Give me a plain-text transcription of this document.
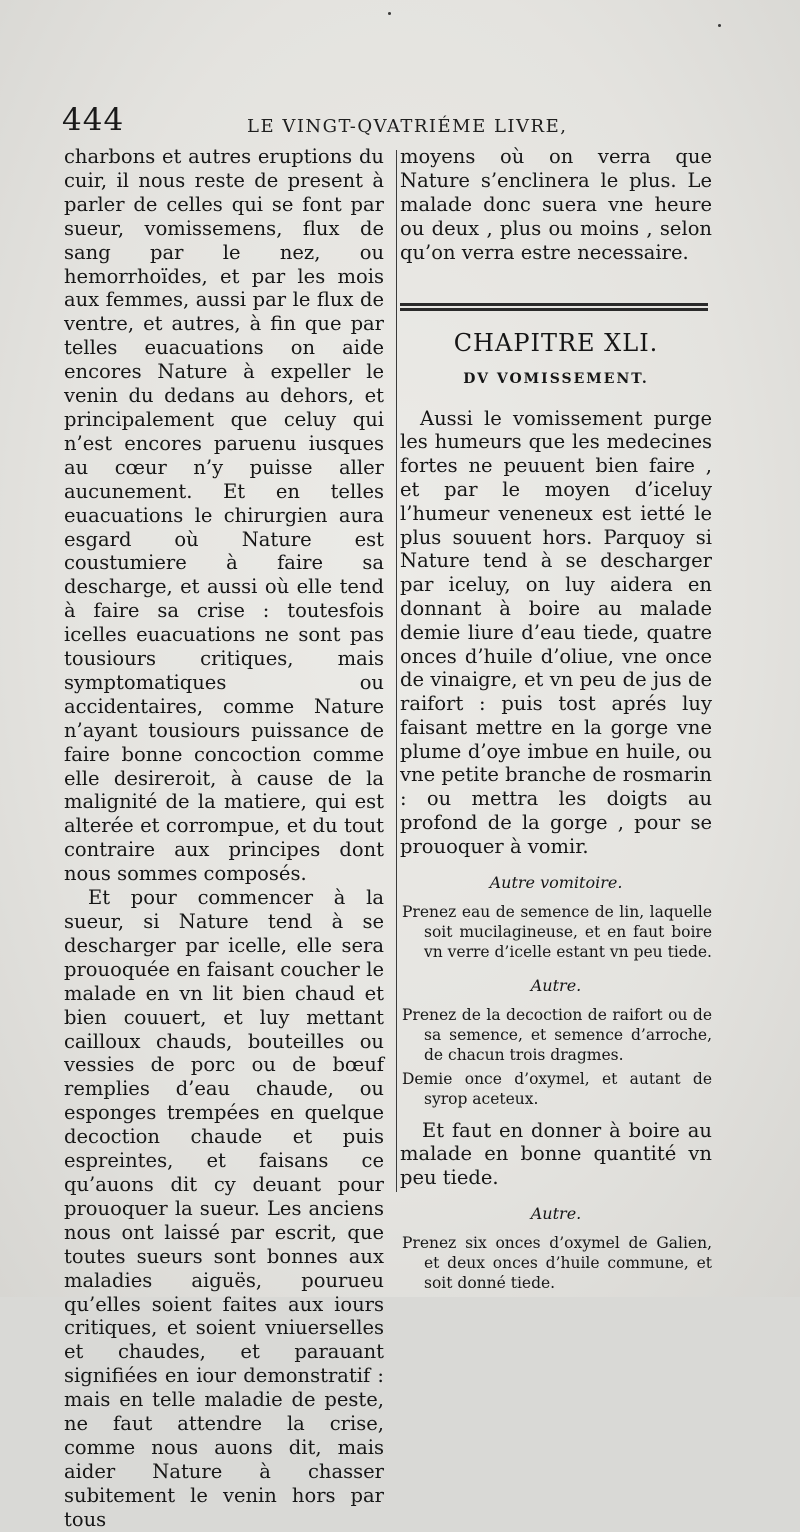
444	LE VINGT-QVATRIÉME LIVRE,

charbons et autres eruptions du cuir, il nous reste de present à parler de celles qui se font par sueur, vomissemens, flux de sang par le nez, ou hemorrhoïdes, et par les mois aux femmes, aussi par le flux de ventre, et autres, à fin que par telles euacuations on aide encores Nature à expeller le venin du dedans au dehors, et principalement que celuy qui n’est encores paruenu iusques au cœur n’y puisse aller aucunement. Et en telles euacuations le chirurgien aura esgard où Nature est coustumiere à faire sa descharge, et aussi où elle tend à faire sa crise : toutesfois icelles euacuations ne sont pas tousiours critiques, mais symptomatiques ou accidentaires, comme Nature n’ayant tousiours puissance de faire bonne concoction comme elle desireroit, à cause de la malignité de la matiere, qui est alterée et corrompue, et du tout contraire aux principes dont nous sommes composés.

Et pour commencer à la sueur, si Nature tend à se descharger par icelle, elle sera prouoquée en faisant coucher le malade en vn lit bien chaud et bien couuert, et luy mettant cailloux chauds, bouteilles ou vessies de porc ou de bœuf remplies d’eau chaude, ou esponges trempées en quelque decoction chaude et puis espreintes, et faisans ce qu’auons dit cy deuant pour prouoquer la sueur. Les anciens nous ont laissé par escrit, que toutes sueurs sont bonnes aux maladies aiguës, pourueu qu’elles soient faites aux iours critiques, et soient vniuerselles et chaudes, et parauant signifiées en iour demonstratif : mais en telle maladie de peste, ne faut attendre la crise, comme nous auons dit, mais aider Nature à chasser subitement le venin hors par tous

moyens où on verra que Nature s’enclinera le plus. Le malade donc suera vne heure ou deux , plus ou moins , selon qu’on verra estre necessaire.

CHAPITRE XLI.
DV VOMISSEMENT.

Aussi le vomissement purge les humeurs que les medecines fortes ne peuuent bien faire , et par le moyen d’iceluy l’humeur veneneux est ietté le plus souuent hors. Parquoy si Nature tend à se descharger par iceluy, on luy aidera en donnant à boire au malade demie liure d’eau tiede, quatre onces d’huile d’oliue, vne once de vinaigre, et vn peu de jus de raifort : puis tost aprés luy faisant mettre en la gorge vne plume d’oye imbue en huile, ou vne petite branche de rosmarin : ou mettra les doigts au profond de la gorge , pour se prouoquer à vomir.

Autre vomitoire.

Prenez eau de semence de lin, laquelle soit mucilagineuse, et en faut boire vn verre d’icelle estant vn peu tiede.

Autre.

Prenez de la decoction de raifort ou de sa semence, et semence d’arroche, de chacun trois dragmes.

Demie once d’oxymel, et autant de syrop aceteux.

Et faut en donner à boire au malade en bonne quantité vn peu tiede.

Autre.

Prenez six onces d’oxymel de Galien, et deux onces d’huile commune, et soit donné tiede.
